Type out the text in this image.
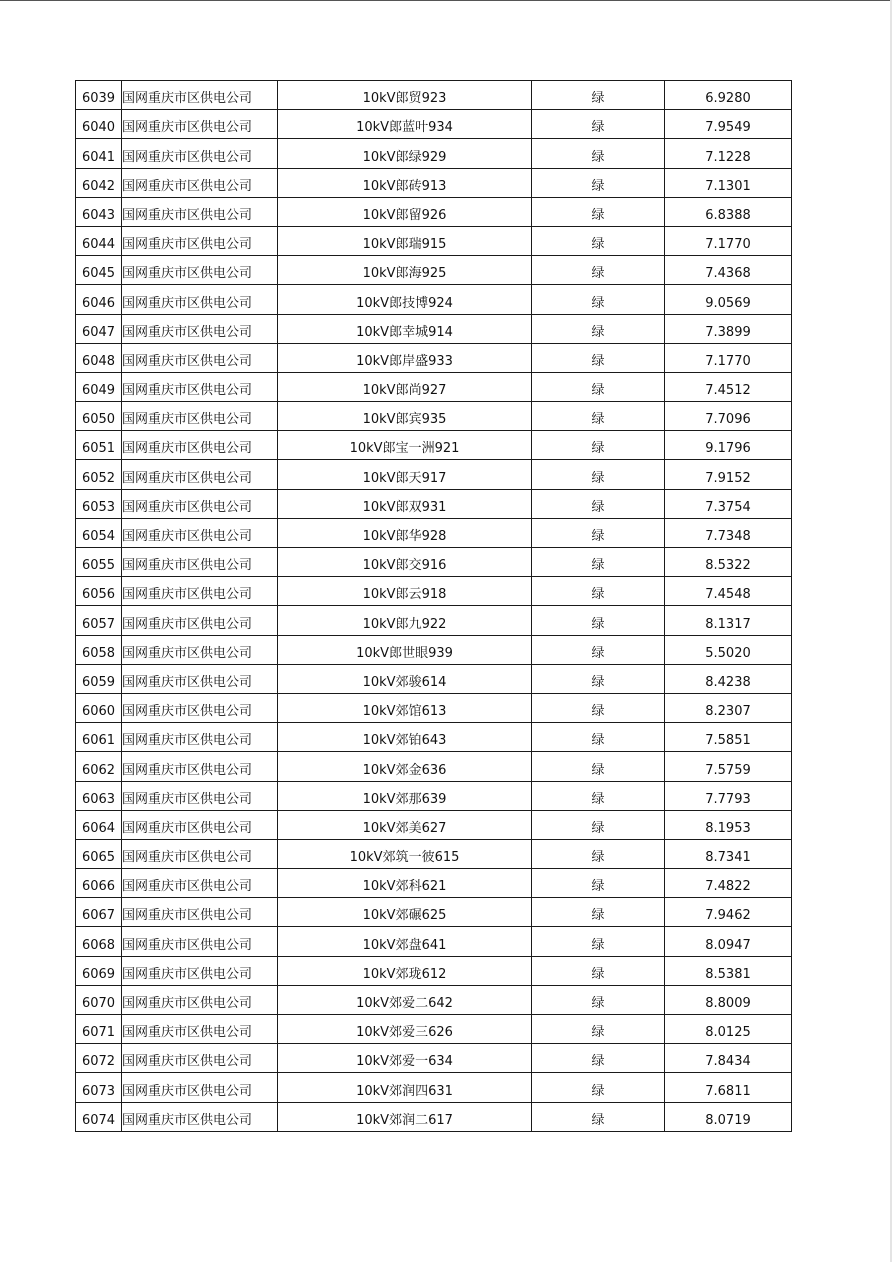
6039	国网重庆市区供电公司	10kV郎贸923	绿	6.9280
6040	国网重庆市区供电公司	10kV郎蓝叶934	绿	7.9549
6041	国网重庆市区供电公司	10kV郎绿929	绿	7.1228
6042	国网重庆市区供电公司	10kV郎砖913	绿	7.1301
6043	国网重庆市区供电公司	10kV郎留926	绿	6.8388
6044	国网重庆市区供电公司	10kV郎瑞915	绿	7.1770
6045	国网重庆市区供电公司	10kV郎海925	绿	7.4368
6046	国网重庆市区供电公司	10kV郎技博924	绿	9.0569
6047	国网重庆市区供电公司	10kV郎幸城914	绿	7.3899
6048	国网重庆市区供电公司	10kV郎岸盛933	绿	7.1770
6049	国网重庆市区供电公司	10kV郎尚927	绿	7.4512
6050	国网重庆市区供电公司	10kV郎宾935	绿	7.7096
6051	国网重庆市区供电公司	10kV郎宝一洲921	绿	9.1796
6052	国网重庆市区供电公司	10kV郎天917	绿	7.9152
6053	国网重庆市区供电公司	10kV郎双931	绿	7.3754
6054	国网重庆市区供电公司	10kV郎华928	绿	7.7348
6055	国网重庆市区供电公司	10kV郎交916	绿	8.5322
6056	国网重庆市区供电公司	10kV郎云918	绿	7.4548
6057	国网重庆市区供电公司	10kV郎九922	绿	8.1317
6058	国网重庆市区供电公司	10kV郎世眼939	绿	5.5020
6059	国网重庆市区供电公司	10kV郊骏614	绿	8.4238
6060	国网重庆市区供电公司	10kV郊馆613	绿	8.2307
6061	国网重庆市区供电公司	10kV郊铂643	绿	7.5851
6062	国网重庆市区供电公司	10kV郊金636	绿	7.5759
6063	国网重庆市区供电公司	10kV郊那639	绿	7.7793
6064	国网重庆市区供电公司	10kV郊美627	绿	8.1953
6065	国网重庆市区供电公司	10kV郊筑一彼615	绿	8.7341
6066	国网重庆市区供电公司	10kV郊科621	绿	7.4822
6067	国网重庆市区供电公司	10kV郊碾625	绿	7.9462
6068	国网重庆市区供电公司	10kV郊盘641	绿	8.0947
6069	国网重庆市区供电公司	10kV郊珑612	绿	8.5381
6070	国网重庆市区供电公司	10kV郊爱二642	绿	8.8009
6071	国网重庆市区供电公司	10kV郊爱三626	绿	8.0125
6072	国网重庆市区供电公司	10kV郊爱一634	绿	7.8434
6073	国网重庆市区供电公司	10kV郊润四631	绿	7.6811
6074	国网重庆市区供电公司	10kV郊润二617	绿	8.0719
